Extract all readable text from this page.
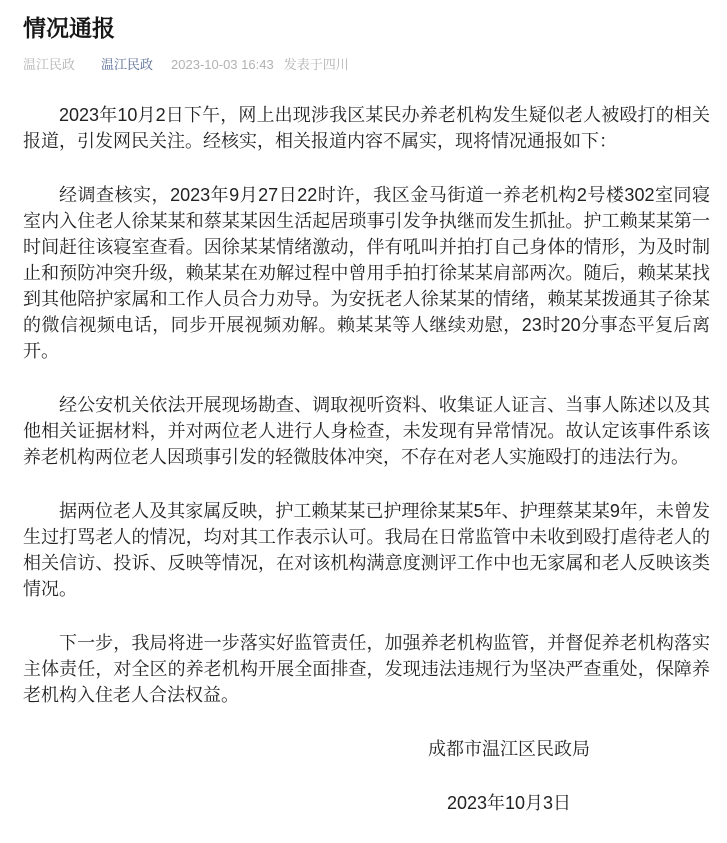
情况通报
温江民政 温江民政 2023-10-03 16:43 发表于四川

2023年10月2日下午，网上出现涉我区某民办养老机构发生疑似老人被殴打的相关报道，引发网民关注。经核实，相关报道内容不属实，现将情况通报如下：

经调查核实，2023年9月27日22时许，我区金马街道一养老机构2号楼302室同寝室内入住老人徐某某和蔡某某因生活起居琐事引发争执继而发生抓扯。护工赖某某第一时间赶往该寝室查看。因徐某某情绪激动，伴有吼叫并拍打自己身体的情形，为及时制止和预防冲突升级，赖某某在劝解过程中曾用手拍打徐某某肩部两次。随后，赖某某找到其他陪护家属和工作人员合力劝导。为安抚老人徐某某的情绪，赖某某拨通其子徐某的微信视频电话，同步开展视频劝解。赖某某等人继续劝慰，23时20分事态平复后离开。

经公安机关依法开展现场勘查、调取视听资料、收集证人证言、当事人陈述以及其他相关证据材料，并对两位老人进行人身检查，未发现有异常情况。故认定该事件系该养老机构两位老人因琐事引发的轻微肢体冲突，不存在对老人实施殴打的违法行为。

据两位老人及其家属反映，护工赖某某已护理徐某某5年、护理蔡某某9年，未曾发生过打骂老人的情况，均对其工作表示认可。我局在日常监管中未收到殴打虐待老人的相关信访、投诉、反映等情况，在对该机构满意度测评工作中也无家属和老人反映该类情况。

下一步，我局将进一步落实好监管责任，加强养老机构监管，并督促养老机构落实主体责任，对全区的养老机构开展全面排查，发现违法违规行为坚决严查重处，保障养老机构入住老人合法权益。

成都市温江区民政局
2023年10月3日
